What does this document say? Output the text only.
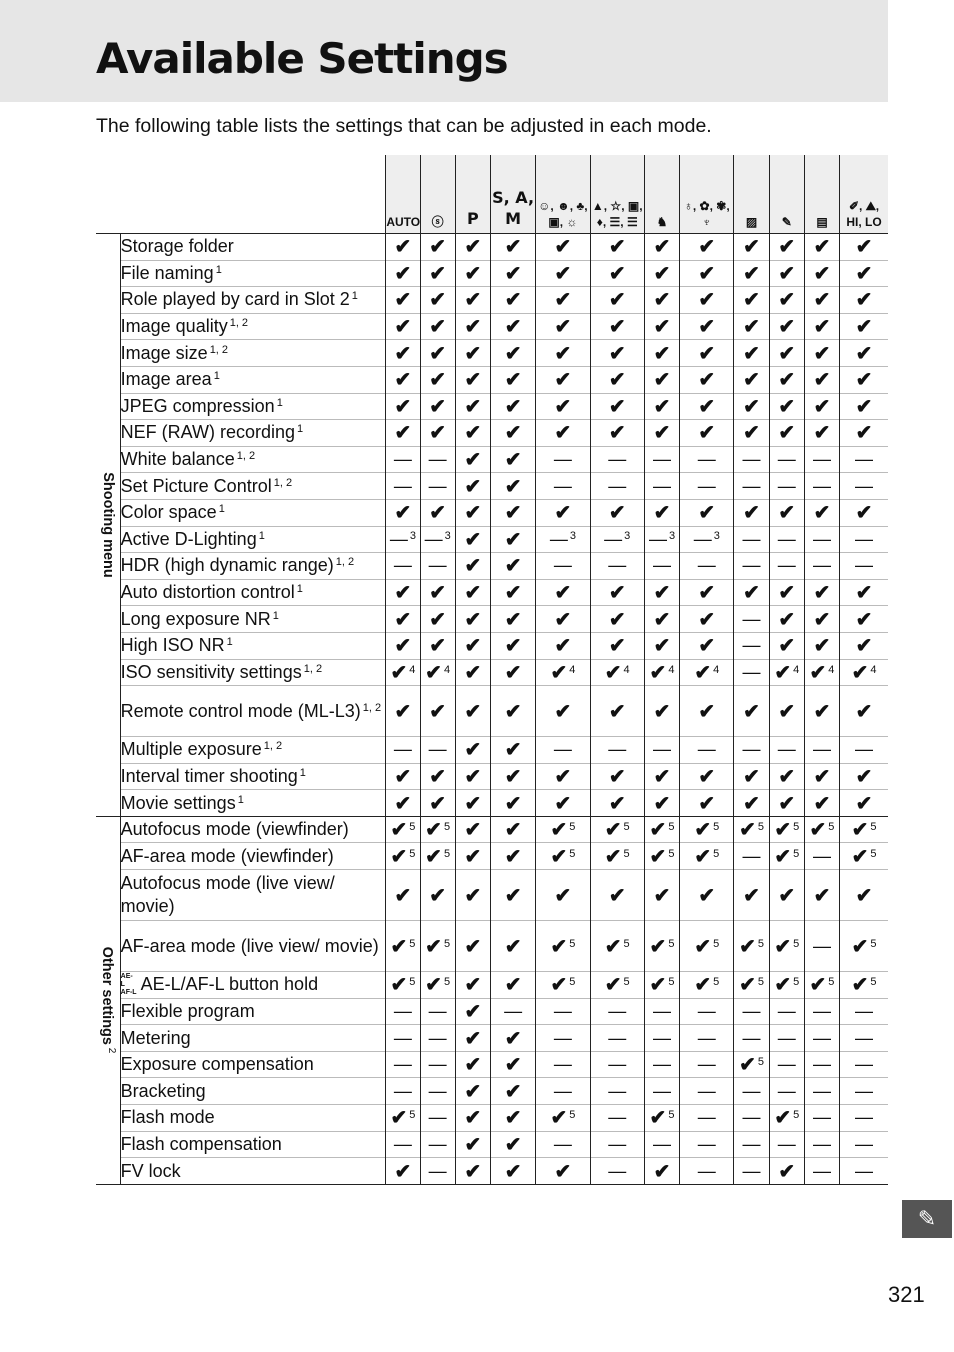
Available Settings

The following table lists the settings that can be adjusted in each mode.

		AUTO	ⓢ	P	S, A, M	☺, ☻, ♣, ▣, ☼	▲, ☆, ▣, ♦, ☰, ☰	♞	♁, ✿, ✾, ♆	▨	✎	▤	✐, ⛰, HI, LO

Shooting menu	Storage folder	✔	✔	✔	✔	✔	✔	✔	✔	✔	✔	✔	✔
	File naming $^1$	✔	✔	✔	✔	✔	✔	✔	✔	✔	✔	✔	✔
	Role played by card in Slot 2 $^1$	✔	✔	✔	✔	✔	✔	✔	✔	✔	✔	✔	✔
	Image quality $^{1, 2}$	✔	✔	✔	✔	✔	✔	✔	✔	✔	✔	✔	✔
	Image size $^{1, 2}$	✔	✔	✔	✔	✔	✔	✔	✔	✔	✔	✔	✔
	Image area $^1$	✔	✔	✔	✔	✔	✔	✔	✔	✔	✔	✔	✔
	JPEG compression $^1$	✔	✔	✔	✔	✔	✔	✔	✔	✔	✔	✔	✔
	NEF (RAW) recording $^1$	✔	✔	✔	✔	✔	✔	✔	✔	✔	✔	✔	✔
	White balance $^{1, 2}$	—	—	✔	✔	—	—	—	—	—	—	—	—
	Set Picture Control $^{1, 2}$	—	—	✔	✔	—	—	—	—	—	—	—	—
	Color space $^1$	✔	✔	✔	✔	✔	✔	✔	✔	✔	✔	✔	✔
	Active D-Lighting $^1$	— $^3$	— $^3$	✔	✔	— $^3$	— $^3$	— $^3$	— $^3$	—	—	—	—
	HDR (high dynamic range) $^{1, 2}$	—	—	✔	✔	—	—	—	—	—	—	—	—
	Auto distortion control $^1$	✔	✔	✔	✔	✔	✔	✔	✔	✔	✔	✔	✔
	Long exposure NR $^1$	✔	✔	✔	✔	✔	✔	✔	✔	—	✔	✔	✔
	High ISO NR $^1$	✔	✔	✔	✔	✔	✔	✔	✔	—	✔	✔	✔
	ISO sensitivity settings $^{1, 2}$	✔ $^4$	✔ $^4$	✔	✔	✔ $^4$	✔ $^4$	✔ $^4$	✔ $^4$	—	✔ $^4$	✔ $^4$	✔ $^4$
	Remote control mode (ML-L3) $^{1, 2}$	✔	✔	✔	✔	✔	✔	✔	✔	✔	✔	✔	✔
	Multiple exposure $^{1, 2}$	—	—	✔	✔	—	—	—	—	—	—	—	—
	Interval timer shooting $^1$	✔	✔	✔	✔	✔	✔	✔	✔	✔	✔	✔	✔
	Movie settings $^1$	✔	✔	✔	✔	✔	✔	✔	✔	✔	✔	✔	✔

Other settings $^2$	Autofocus mode (viewfinder)	✔ $^5$	✔ $^5$	✔	✔	✔ $^5$	✔ $^5$	✔ $^5$	✔ $^5$	✔ $^5$	✔ $^5$	✔ $^5$	✔ $^5$
	AF-area mode (viewfinder)	✔ $^5$	✔ $^5$	✔	✔	✔ $^5$	✔ $^5$	✔ $^5$	✔ $^5$	—	✔ $^5$	—	✔ $^5$
	Autofocus mode (live view/ movie)	✔	✔	✔	✔	✔	✔	✔	✔	✔	✔	✔	✔
	AF-area mode (live view/ movie)	✔ $^5$	✔ $^5$	✔	✔	✔ $^5$	✔ $^5$	✔ $^5$	✔ $^5$	✔ $^5$	✔ $^5$	—	✔ $^5$
	AE-L AF-L AE-L/AF-L button hold	✔ $^5$	✔ $^5$	✔	✔	✔ $^5$	✔ $^5$	✔ $^5$	✔ $^5$	✔ $^5$	✔ $^5$	✔ $^5$	✔ $^5$
	Flexible program	—	—	✔	—	—	—	—	—	—	—	—	—
	Metering	—	—	✔	✔	—	—	—	—	—	—	—	—
	Exposure compensation	—	—	✔	✔	—	—	—	—	✔ $^5$	—	—	—
	Bracketing	—	—	✔	✔	—	—	—	—	—	—	—	—
	Flash mode	✔ $^5$	—	✔	✔	✔ $^5$	—	✔ $^5$	—	—	✔ $^5$	—	—
	Flash compensation	—	—	✔	✔	—	—	—	—	—	—	—	—
	FV lock	✔	—	✔	✔	✔	—	✔	—	—	✔	—	—
✎
321
